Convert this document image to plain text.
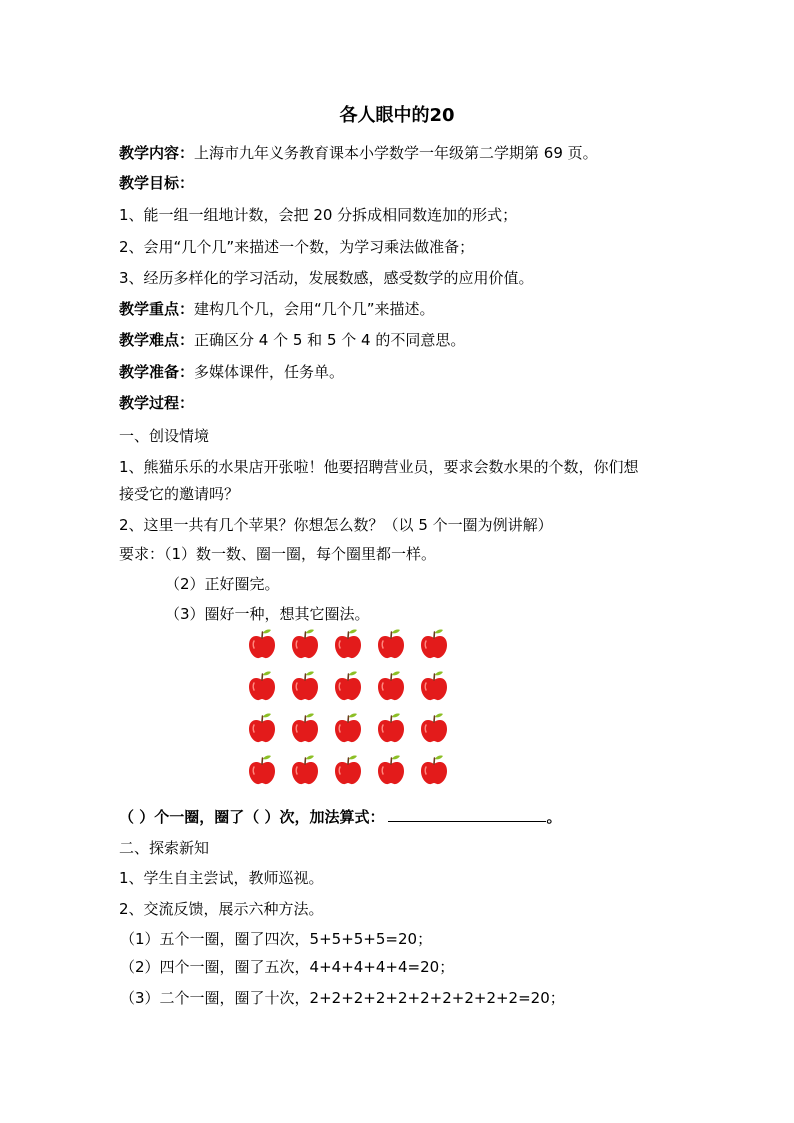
各人眼中的20
教学内容：上海市九年义务教育课本小学数学一年级第二学期第 69 页。
教学目标：
1、能一组一组地计数，会把 20 分拆成相同数连加的形式；
2、会用“几个几”来描述一个数，为学习乘法做准备；
3、经历多样化的学习活动，发展数感，感受数学的应用价值。
教学重点：建构几个几，会用“几个几”来描述。
教学难点：正确区分 4 个 5 和 5 个 4 的不同意思。
教学准备：多媒体课件，任务单。
教学过程：
一、创设情境
1、熊猫乐乐的水果店开张啦！他要招聘营业员，要求会数水果的个数，你们想
接受它的邀请吗？
2、这里一共有几个苹果？你想怎么数？（以 5 个一圈为例讲解）
要求：（1）数一数、圈一圈，每个圈里都一样。
（2）正好圈完。
（3）圈好一种，想其它圈法。
（ ）个一圈，圈了（ ）次，加法算式：	。
二、探索新知
1、学生自主尝试，教师巡视。
2、交流反馈，展示六种方法。
（1）五个一圈，圈了四次，5+5+5+5=20；
（2）四个一圈，圈了五次，4+4+4+4+4=20；
（3）二个一圈，圈了十次，2+2+2+2+2+2+2+2+2+2=20；
